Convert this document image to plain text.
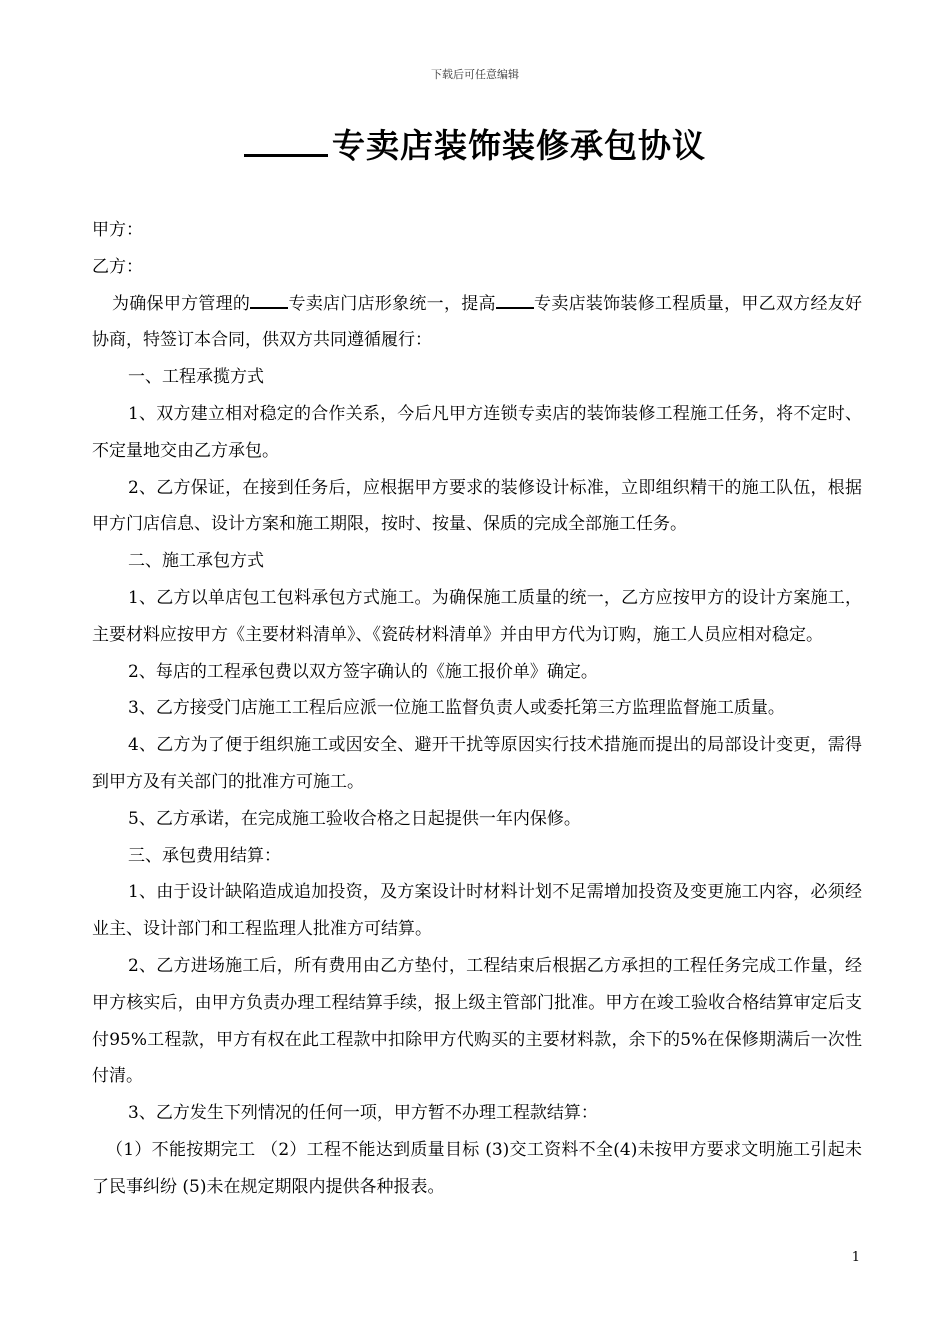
下载后可任意编辑
专卖店装饰装修承包协议

甲方：

乙方：

为确保甲方管理的 专卖店门店形象统一，提高 专卖店装饰装修工程质量，甲乙双方经友好协商，特签订本合同，供双方共同遵循履行：

一、工程承揽方式

1、双方建立相对稳定的合作关系，今后凡甲方连锁专卖店的装饰装修工程施工任务，将不定时、不定量地交由乙方承包。

2、乙方保证，在接到任务后，应根据甲方要求的装修设计标准，立即组织精干的施工队伍，根据甲方门店信息、设计方案和施工期限，按时、按量、保质的完成全部施工任务。

二、施工承包方式

1、乙方以单店包工包料承包方式施工。为确保施工质量的统一，乙方应按甲方的设计方案施工，主要材料应按甲方《主要材料清单》、《瓷砖材料清单》并由甲方代为订购，施工人员应相对稳定。

2、每店的工程承包费以双方签字确认的《施工报价单》确定。

3、乙方接受门店施工工程后应派一位施工监督负责人或委托第三方监理监督施工质量。

4、乙方为了便于组织施工或因安全、避开干扰等原因实行技术措施而提出的局部设计变更，需得到甲方及有关部门的批准方可施工。

5、乙方承诺，在完成施工验收合格之日起提供一年内保修。

三、承包费用结算：

1、由于设计缺陷造成追加投资，及方案设计时材料计划不足需增加投资及变更施工内容，必须经业主、设计部门和工程监理人批准方可结算。

2、乙方进场施工后，所有费用由乙方垫付，工程结束后根据乙方承担的工程任务完成工作量，经甲方核实后，由甲方负责办理工程结算手续，报上级主管部门批准。甲方在竣工验收合格结算审定后支付95%工程款，甲方有权在此工程款中扣除甲方代购买的主要材料款，余下的5%在保修期满后一次性付清。

3、乙方发生下列情况的任何一项，甲方暂不办理工程款结算：

（1）不能按期完工 （2）工程不能达到质量目标 (3)交工资料不全(4)未按甲方要求文明施工引起未了民事纠纷 (5)未在规定期限内提供各种报表。

1
